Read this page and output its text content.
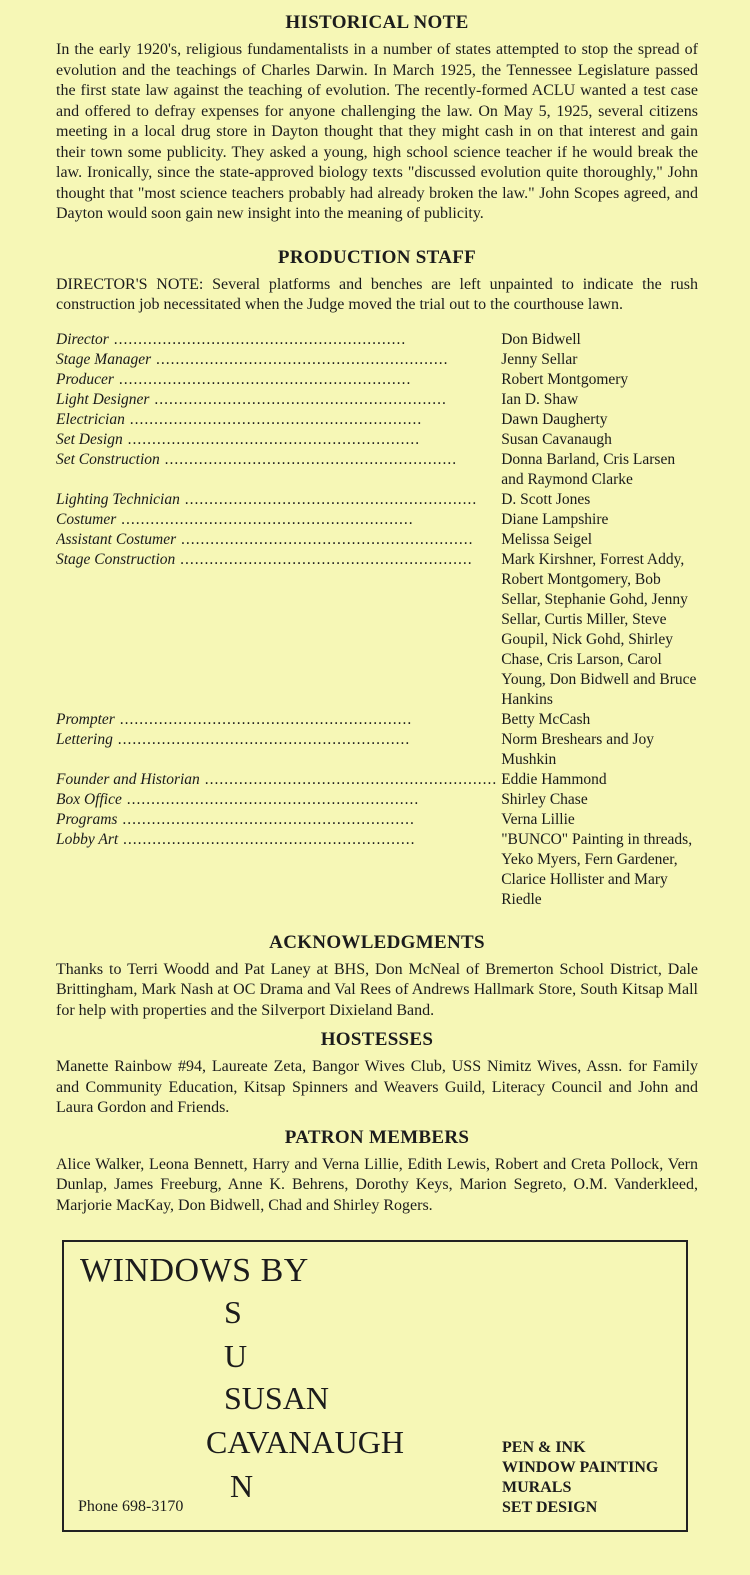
HISTORICAL NOTE

In the early 1920's, religious fundamentalists in a number of states attempted to stop the spread of evolution and the teachings of Charles Darwin. In March 1925, the Tennessee Legislature passed the first state law against the teaching of evolution. The recently-formed ACLU wanted a test case and offered to defray expenses for anyone challenging the law. On May 5, 1925, several citizens meeting in a local drug store in Dayton thought that they might cash in on that interest and gain their town some publicity. They asked a young, high school science teacher if he would break the law. Ironically, since the state-approved biology texts "discussed evolution quite thoroughly," John thought that "most science teachers probably had already broken the law." John Scopes agreed, and Dayton would soon gain new insight into the meaning of publicity.

PRODUCTION STAFF

DIRECTOR'S NOTE: Several platforms and benches are left unpainted to indicate the rush construction job necessitated when the Judge moved the trial out to the courthouse lawn.

Director ............................................................	Don Bidwell
Stage Manager ............................................................	Jenny Sellar
Producer ............................................................	Robert Montgomery
Light Designer ............................................................	Ian D. Shaw
Electrician ............................................................	Dawn Daugherty
Set Design ............................................................	Susan Cavanaugh
Set Construction ............................................................	Donna Barland, Cris Larsen and Raymond Clarke
Lighting Technician ............................................................	D. Scott Jones
Costumer ............................................................	Diane Lampshire
Assistant Costumer ............................................................	Melissa Seigel
Stage Construction ............................................................	Mark Kirshner, Forrest Addy, Robert Montgomery, Bob Sellar, Stephanie Gohd, Jenny Sellar, Curtis Miller, Steve Goupil, Nick Gohd, Shirley Chase, Cris Larson, Carol Young, Don Bidwell and Bruce Hankins
Prompter ............................................................	Betty McCash
Lettering ............................................................	Norm Breshears and Joy Mushkin
Founder and Historian ............................................................	Eddie Hammond
Box Office ............................................................	Shirley Chase
Programs ............................................................	Verna Lillie
Lobby Art ............................................................	"BUNCO" Painting in threads, Yeko Myers, Fern Gardener, Clarice Hollister and Mary Riedle
ACKNOWLEDGMENTS

Thanks to Terri Woodd and Pat Laney at BHS, Don McNeal of Bremerton School District, Dale Brittingham, Mark Nash at OC Drama and Val Rees of Andrews Hallmark Store, South Kitsap Mall for help with properties and the Silverport Dixieland Band.

HOSTESSES

Manette Rainbow #94, Laureate Zeta, Bangor Wives Club, USS Nimitz Wives, Assn. for Family and Community Education, Kitsap Spinners and Weavers Guild, Literacy Council and John and Laura Gordon and Friends.

PATRON MEMBERS

Alice Walker, Leona Bennett, Harry and Verna Lillie, Edith Lewis, Robert and Creta Pollock, Vern Dunlap, James Freeburg, Anne K. Behrens, Dorothy Keys, Marion Segreto, O.M. Vanderkleed, Marjorie MacKay, Don Bidwell, Chad and Shirley Rogers.

WINDOWS BY
S
U
SUSAN
CAVANAUGH
N
Phone 698-3170
PEN & INK
WINDOW PAINTING
MURALS
SET DESIGN
